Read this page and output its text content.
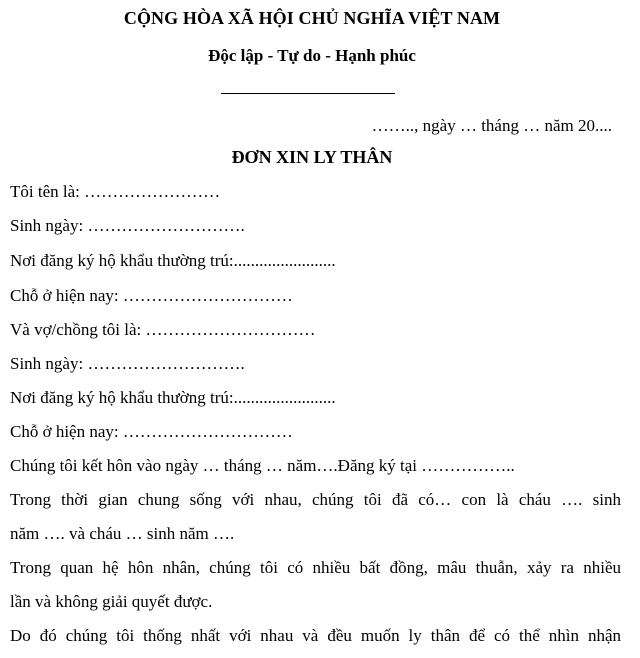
CỘNG HÒA XÃ HỘI CHỦ NGHĨA VIỆT NAM
Độc lập - Tự do - Hạnh phúc
…….., ngày … tháng … năm 20....
ĐƠN XIN LY THÂN
Tôi tên là: ……………………
Sinh ngày: ……………………….
Nơi đăng ký hộ khẩu thường trú:........................
Chỗ ở hiện nay: …………………………
Và vợ/chồng tôi là: …………………………
Sinh ngày: ……………………….
Nơi đăng ký hộ khẩu thường trú:........................
Chỗ ở hiện nay: …………………………
Chúng tôi kết hôn vào ngày … tháng … năm….Đăng ký tại ……………..
Trong thời gian chung sống với nhau, chúng tôi đã có… con là cháu …. sinh
năm …. và cháu … sinh năm ….
Trong quan hệ hôn nhân, chúng tôi có nhiều bất đồng, mâu thuẫn, xảy ra nhiều
lần và không giải quyết được.
Do đó chúng tôi thống nhất với nhau và đều muốn ly thân để có thể nhìn nhận
